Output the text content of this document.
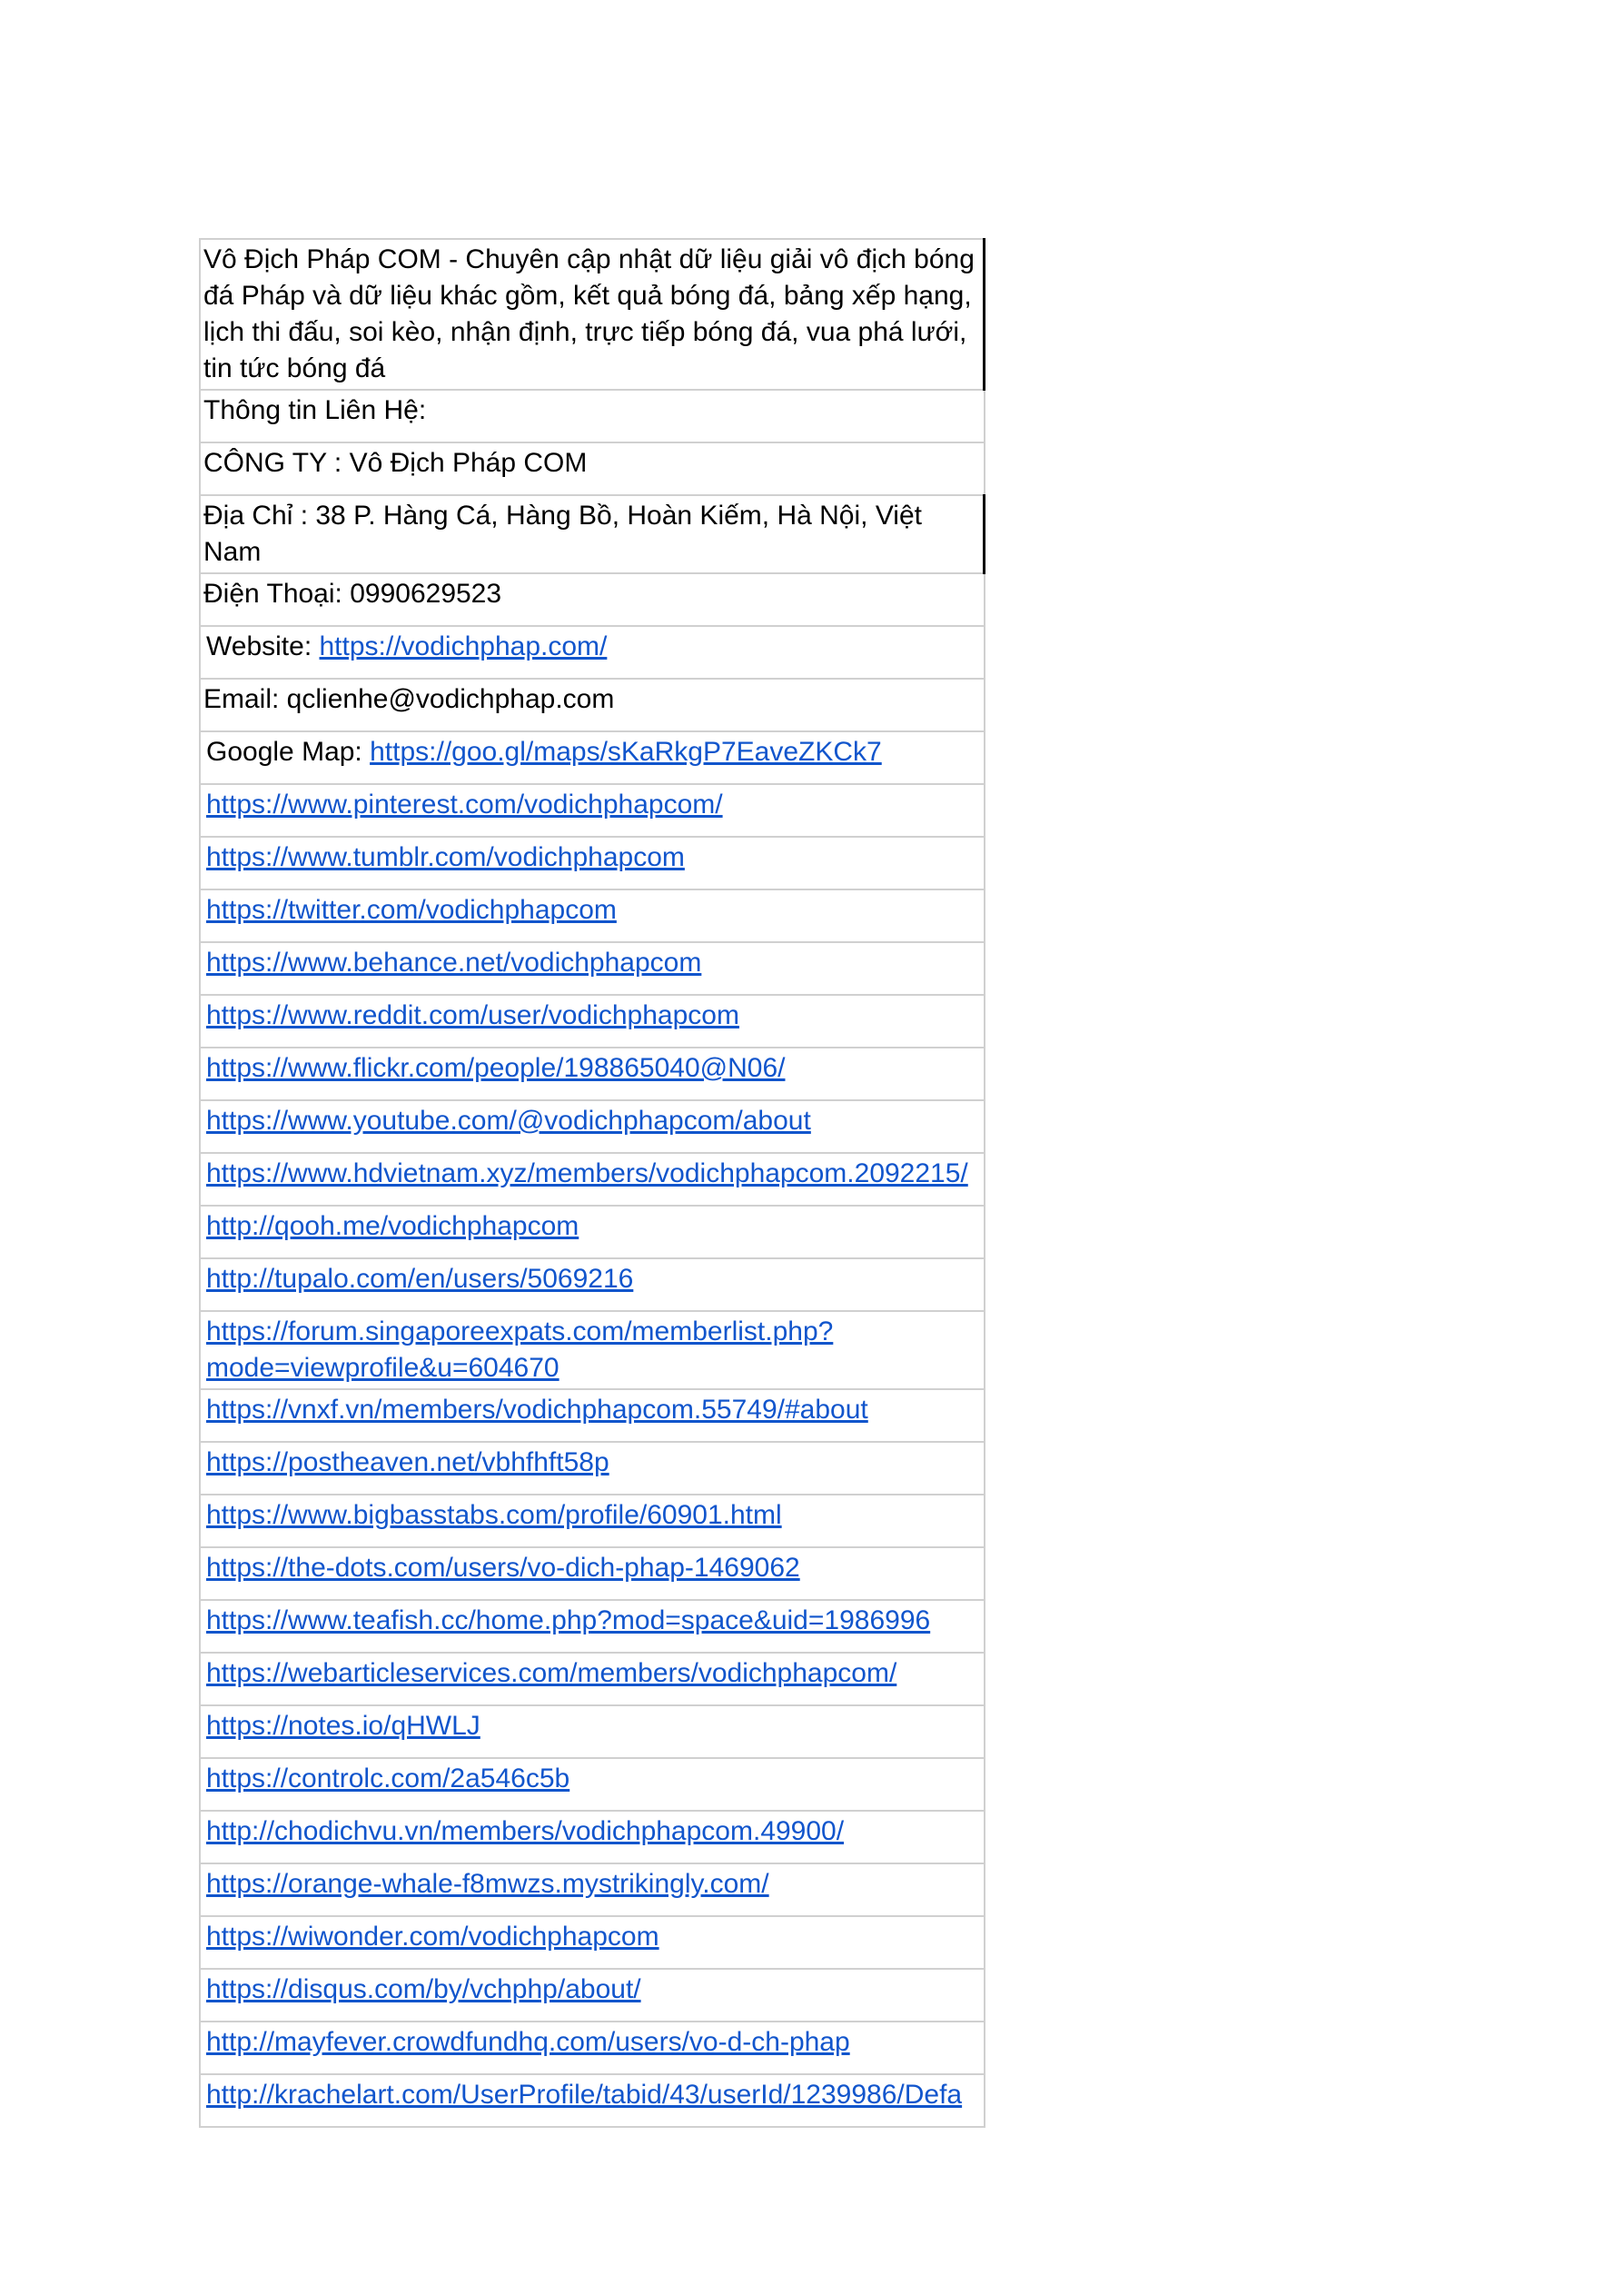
Vô Địch Pháp COM - Chuyên cập nhật dữ liệu giải vô địch bóng đá Pháp và dữ liệu khác gồm, kết quả bóng đá, bảng xếp hạng, lịch thi đấu, soi kèo, nhận định, trực tiếp bóng đá, vua phá lưới, tin tức bóng đá
Thông tin Liên Hệ:
CÔNG TY : Vô Địch Pháp COM
Địa Chỉ : 38 P. Hàng Cá, Hàng Bồ, Hoàn Kiếm, Hà Nội, Việt Nam
Điện Thoại: 0990629523
Website: https://vodichphap.com/
Email: qclienhe@vodichphap.com
Google Map: https://goo.gl/maps/sKaRkgP7EaveZKCk7
https://www.pinterest.com/vodichphapcom/
https://www.tumblr.com/vodichphapcom
https://twitter.com/vodichphapcom
https://www.behance.net/vodichphapcom
https://www.reddit.com/user/vodichphapcom
https://www.flickr.com/people/198865040@N06/
https://www.youtube.com/@vodichphapcom/about
https://www.hdvietnam.xyz/members/vodichphapcom.2092215/
http://qooh.me/vodichphapcom
http://tupalo.com/en/users/5069216
https://forum.singaporeexpats.com/memberlist.php?mode=viewprofile&u=604670
https://vnxf.vn/members/vodichphapcom.55749/#about
https://postheaven.net/vbhfhft58p
https://www.bigbasstabs.com/profile/60901.html
https://the-dots.com/users/vo-dich-phap-1469062
https://www.teafish.cc/home.php?mod=space&uid=1986996
https://webarticleservices.com/members/vodichphapcom/
https://notes.io/qHWLJ
https://controlc.com/2a546c5b
http://chodichvu.vn/members/vodichphapcom.49900/
https://orange-whale-f8mwzs.mystrikingly.com/
https://wiwonder.com/vodichphapcom
https://disqus.com/by/vchphp/about/
http://mayfever.crowdfundhq.com/users/vo-d-ch-phap
http://krachelart.com/UserProfile/tabid/43/userId/1239986/Defa
